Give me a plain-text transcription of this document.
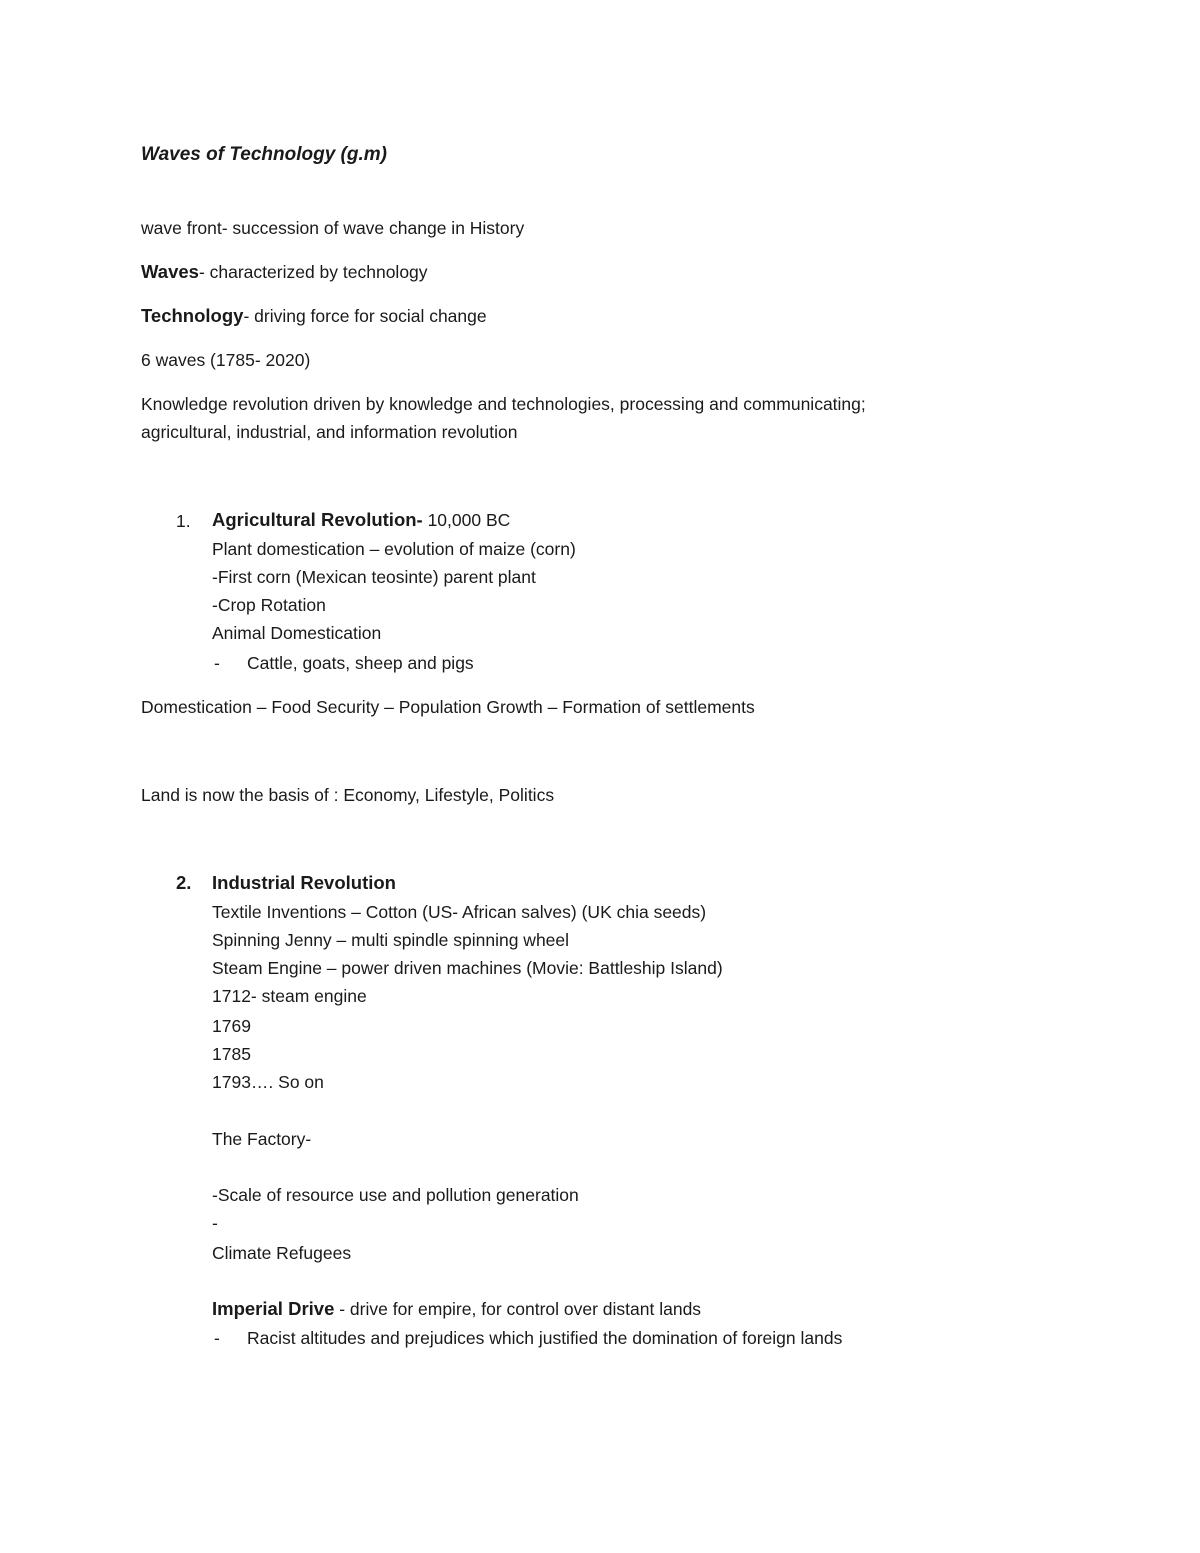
Waves of Technology (g.m)
wave front- succession of wave change in History
Waves- characterized by technology
Technology- driving force for social change
6 waves (1785- 2020)
Knowledge revolution driven by knowledge and technologies, processing and communicating;
agricultural, industrial, and information revolution
1. Agricultural Revolution- 10,000 BC
Plant domestication – evolution of maize (corn)
-First corn (Mexican teosinte) parent plant
-Crop Rotation
Animal Domestication
- Cattle, goats, sheep and pigs
Domestication – Food Security – Population Growth – Formation of settlements
Land is now the basis of : Economy, Lifestyle, Politics
2. Industrial Revolution
Textile Inventions – Cotton (US- African salves) (UK chia seeds)
Spinning Jenny – multi spindle spinning wheel
Steam Engine – power driven machines (Movie: Battleship Island)
1712- steam engine
1769
1785
1793…. So on
The Factory-
-Scale of resource use and pollution generation
-
Climate Refugees
Imperial Drive - drive for empire, for control over distant lands
- Racist altitudes and prejudices which justified the domination of foreign lands
